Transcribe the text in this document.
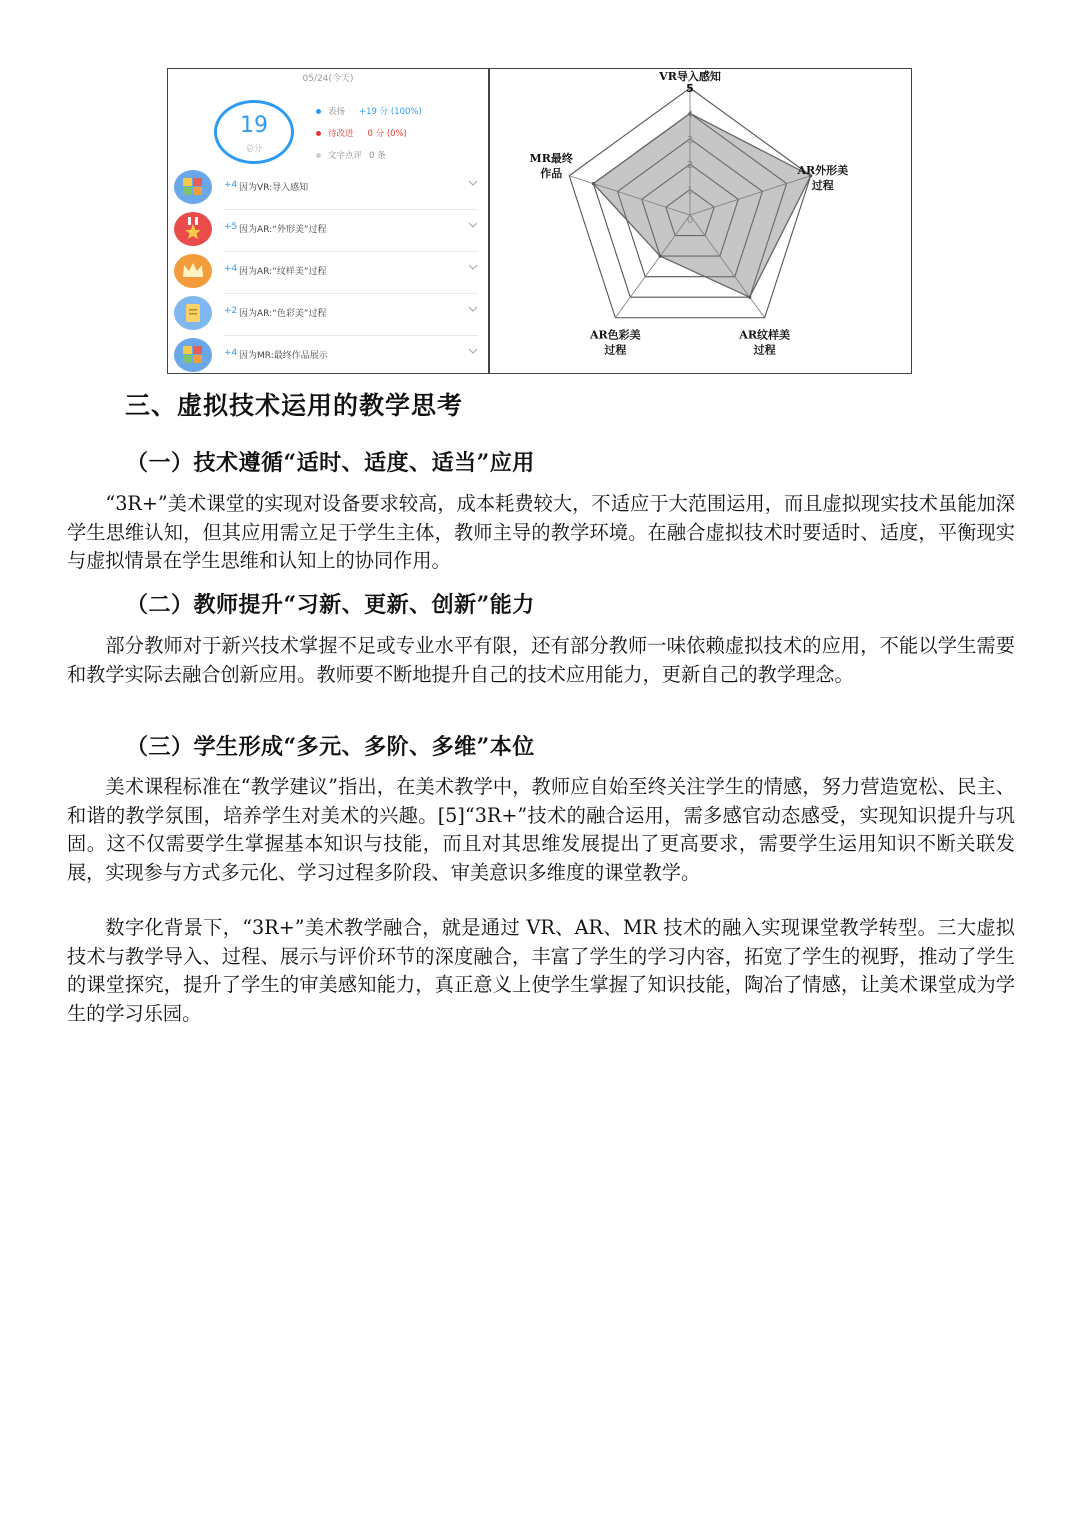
05/24(今天)
19
总分
表扬 +19 分 (100%)
待改进 0 分 (0%)
文字点评 0 条
+4 因为VR:导入感知
+5 因为AR:“外形美”过程
+4 因为AR:“纹样美”过程
+2 因为AR:“色彩美”过程
+4 因为MR:最终作品展示
0
1
2
3
4
5
VR导入感知
AR外形美
过程
AR纹样美
过程
AR色彩美
过程
MR最终
作品
三、虚拟技术运用的教学思考
（一）技术遵循“适时、适度、适当”应用

“3R+”美术课堂的实现对设备要求较高，成本耗费较大，不适应于大范围运用，而且虚拟现实技术虽能加深学生思维认知，但其应用需立足于学生主体，教师主导的教学环境。在融合虚拟技术时要适时、适度，平衡现实与虚拟情景在学生思维和认知上的协同作用。

（二）教师提升“习新、更新、创新”能力

部分教师对于新兴技术掌握不足或专业水平有限，还有部分教师一味依赖虚拟技术的应用，不能以学生需要和教学实际去融合创新应用。教师要不断地提升自己的技术应用能力，更新自己的教学理念。

（三）学生形成“多元、多阶、多维”本位

美术课程标准在“教学建议”指出，在美术教学中，教师应自始至终关注学生的情感，努力营造宽松、民主、和谐的教学氛围，培养学生对美术的兴趣。[5]“3R+”技术的融合运用，需多感官动态感受，实现知识提升与巩固。这不仅需要学生掌握基本知识与技能，而且对其思维发展提出了更高要求，需要学生运用知识不断关联发展，实现参与方式多元化、学习过程多阶段、审美意识多维度的课堂教学。

数字化背景下，“3R+”美术教学融合，就是通过 VR、AR、MR 技术的融入实现课堂教学转型。三大虚拟技术与教学导入、过程、展示与评价环节的深度融合，丰富了学生的学习内容，拓宽了学生的视野，推动了学生的课堂探究，提升了学生的审美感知能力，真正意义上使学生掌握了知识技能，陶冶了情感，让美术课堂成为学生的学习乐园。
